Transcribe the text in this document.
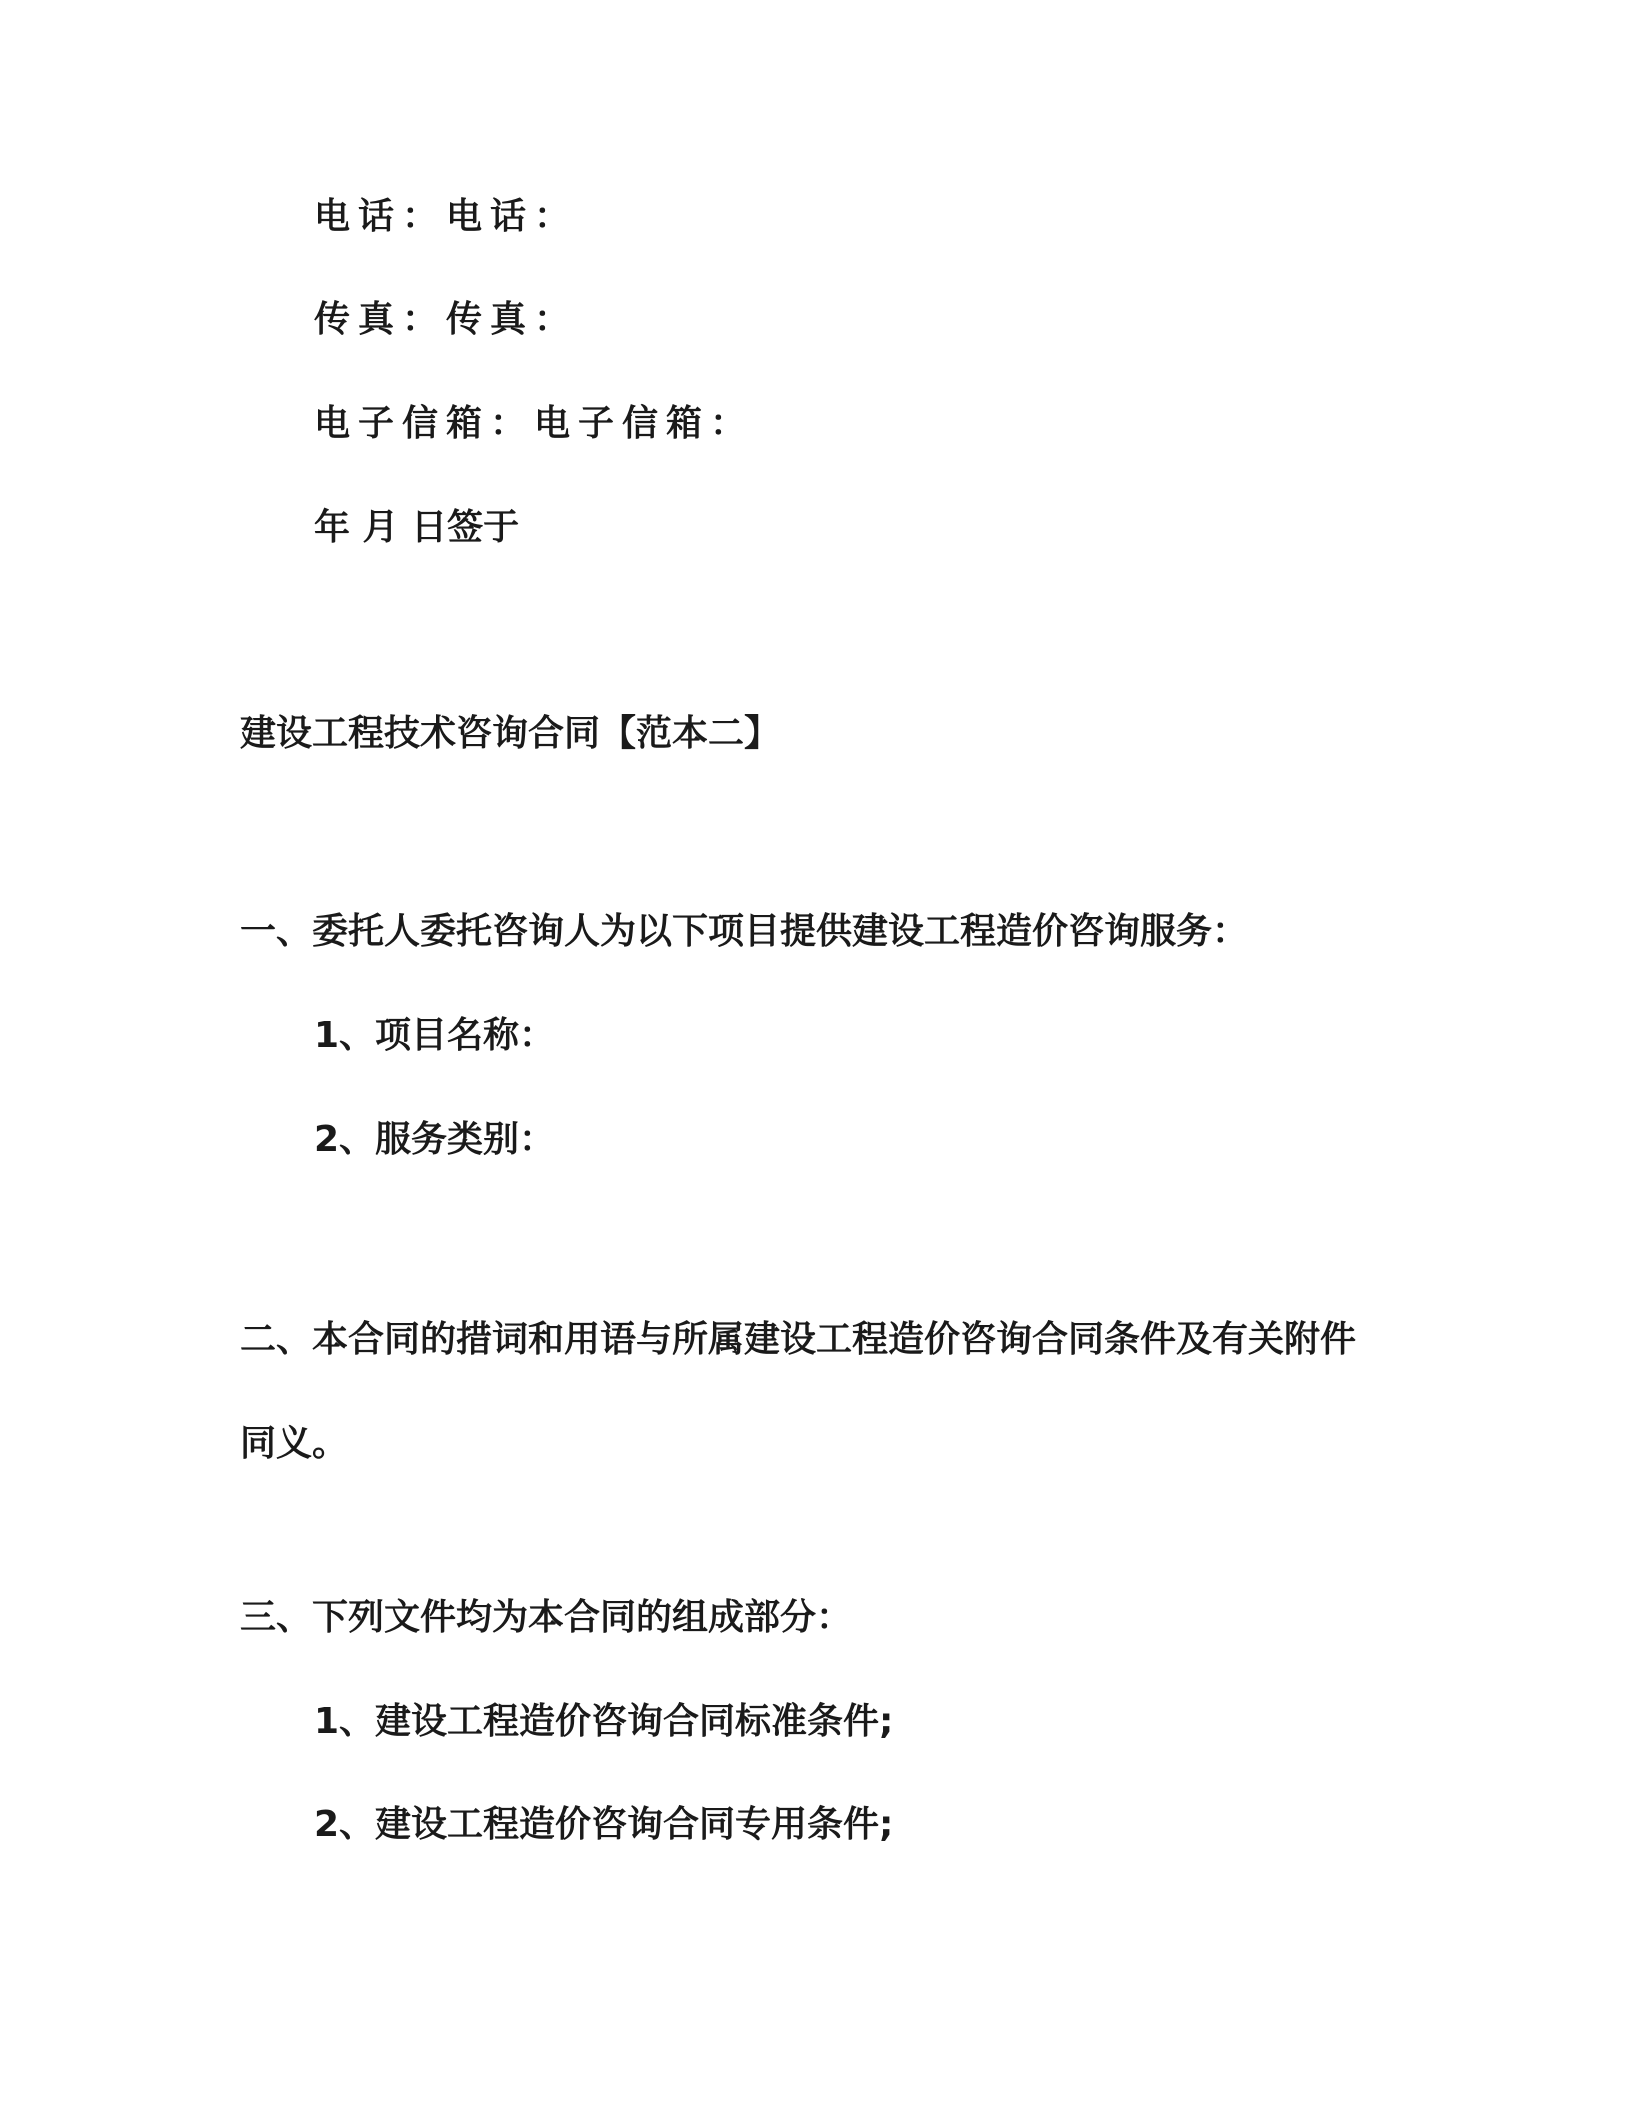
电话：电话：
传真：传真：
电子信箱：电子信箱：
年 月 日签于
建设工程技术咨询合同【范本二】
一、委托人委托咨询人为以下项目提供建设工程造价咨询服务：
1、项目名称：
2、服务类别：
二、本合同的措词和用语与所属建设工程造价咨询合同条件及有关附件同义。
三、下列文件均为本合同的组成部分：
1、建设工程造价咨询合同标准条件;
2、建设工程造价咨询合同专用条件;
